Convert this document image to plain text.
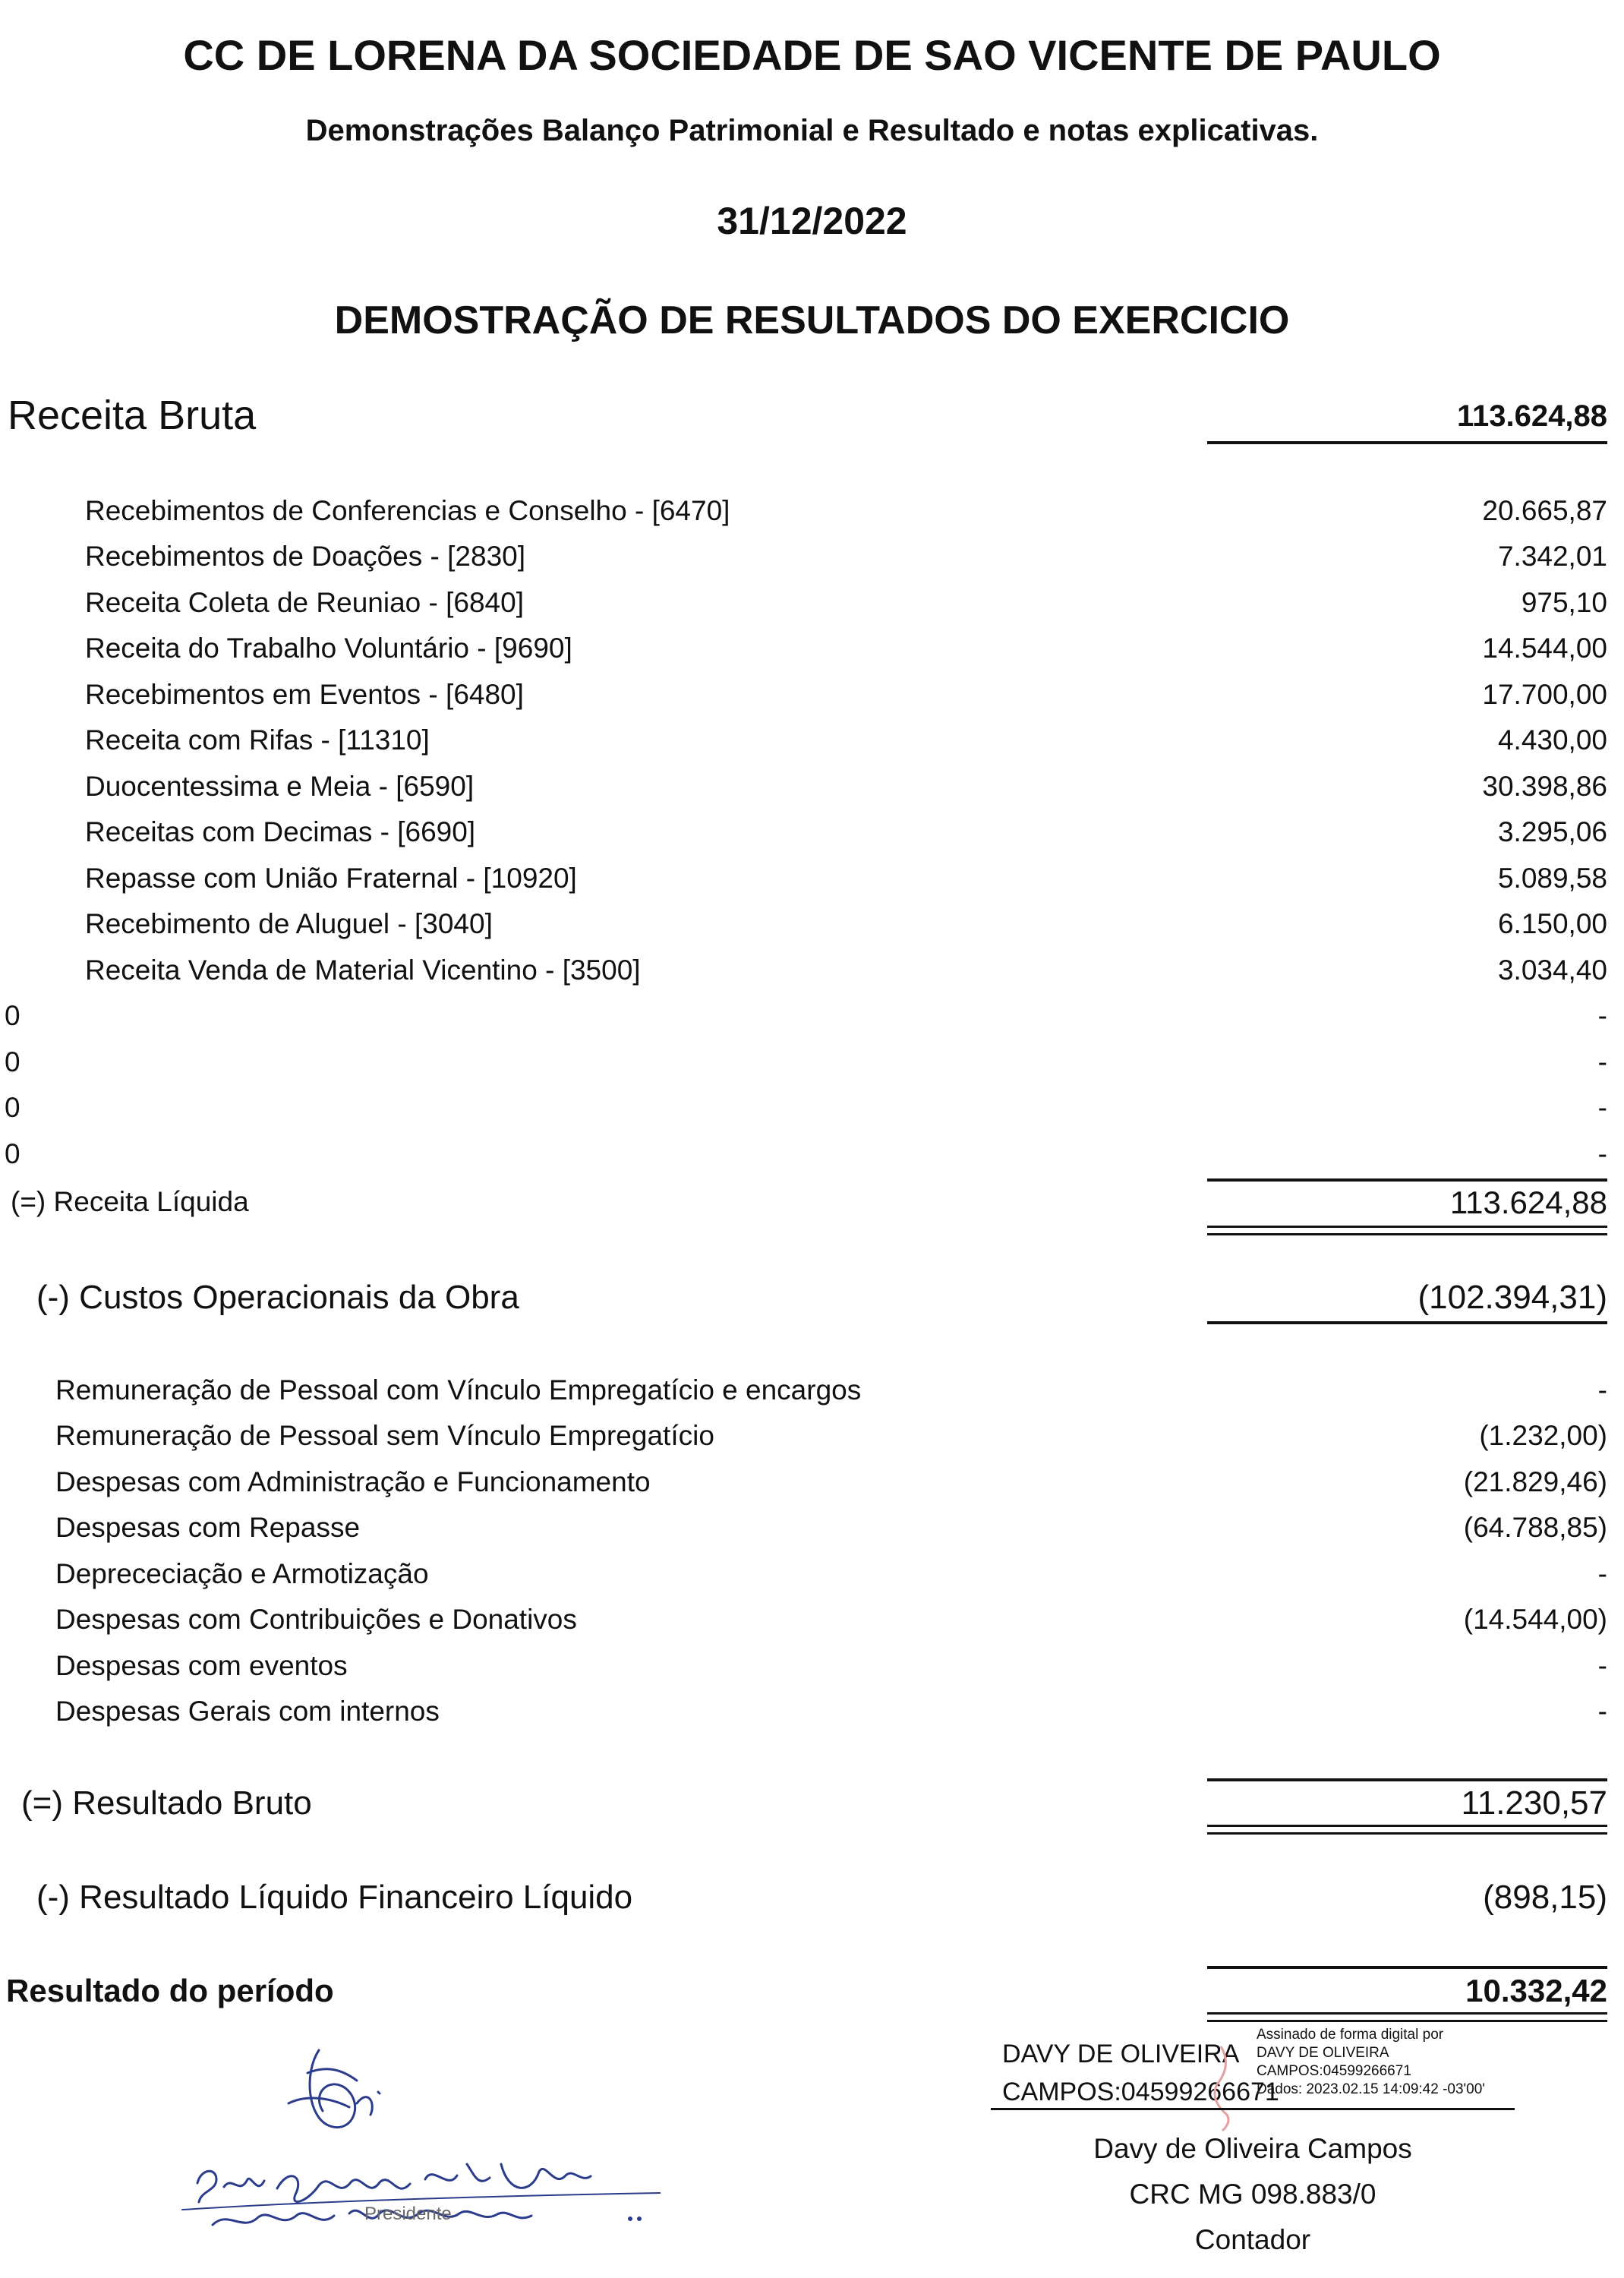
CC DE LORENA DA SOCIEDADE DE SAO VICENTE DE PAULO
Demonstrações Balanço Patrimonial e Resultado e notas explicativas.
31/12/2022
DEMOSTRAÇÃO DE RESULTADOS DO EXERCICIO
Receita Bruta	113.624,88
Recebimentos de Conferencias e Conselho - [6470]	20.665,87
Recebimentos de Doações - [2830]	7.342,01
Receita Coleta de Reuniao - [6840]	975,10
Receita do Trabalho Voluntário - [9690]	14.544,00
Recebimentos em Eventos - [6480]	17.700,00
Receita com Rifas - [11310]	4.430,00
Duocentessima e Meia - [6590]	30.398,86
Receitas com Decimas - [6690]	3.295,06
Repasse com União Fraternal - [10920]	5.089,58
Recebimento de Aluguel - [3040]	6.150,00
Receita Venda de Material Vicentino - [3500]	3.034,40
0	-
0	-
0	-
0	-
(=) Receita Líquida	113.624,88
(-) Custos Operacionais da Obra	(102.394,31)
Remuneração de Pessoal com Vínculo Empregatício e encargos	-
Remuneração de Pessoal sem Vínculo Empregatício	(1.232,00)
Despesas com Administração e Funcionamento	(21.829,46)
Despesas com Repasse	(64.788,85)
Deprececiação e Armotização	-
Despesas com Contribuições e Donativos	(14.544,00)
Despesas com eventos	-
Despesas Gerais com internos	-
(=) Resultado Bruto	11.230,57
(-) Resultado Líquido Financeiro Líquido	(898,15)
Resultado do período	10.332,42
DAVY DE OLIVEIRA
CAMPOS:04599266671
Assinado de forma digital por
DAVY DE OLIVEIRA
CAMPOS:04599266671
Dados: 2023.02.15 14:09:42 -03'00'
Davy de Oliveira Campos
CRC MG 098.883/0
Contador
Presidente
